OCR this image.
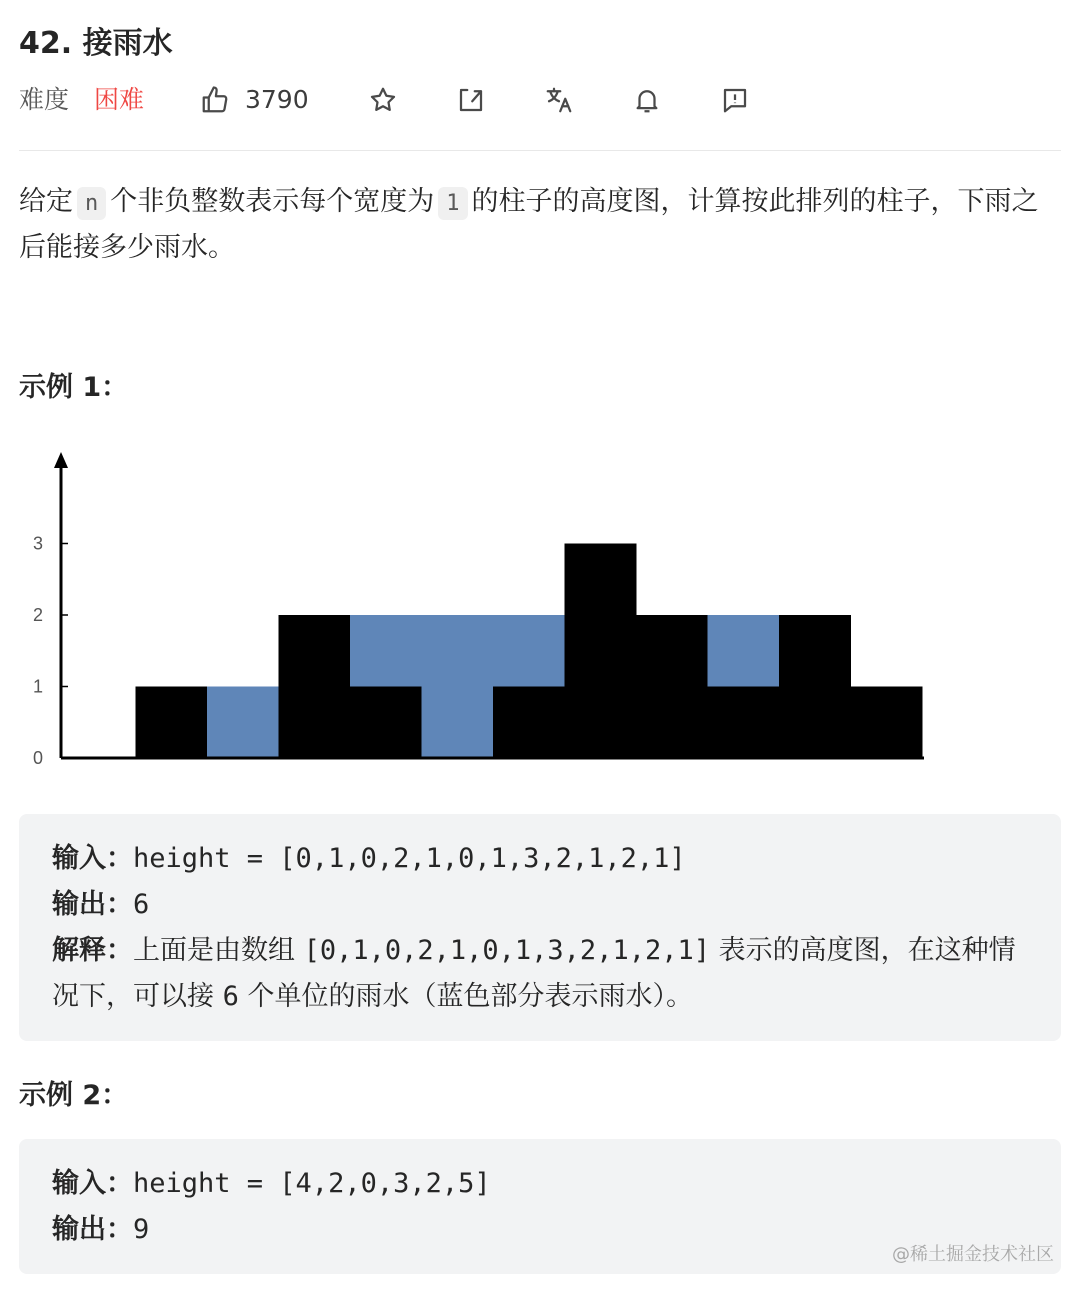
42. 接雨水
难度 困难	3790

给定 n 个非负整数表示每个宽度为 1 的柱子的高度图，计算按此排列的柱子，下雨之后能接多少雨水。

示例 1：
0
1
2
3
输入：height = [0,1,0,2,1,0,1,3,2,1,2,1]
输出：6
解释：上面是由数组 [0,1,0,2,1,0,1,3,2,1,2,1] 表示的高度图，在这种情况下，可以接 6 个单位的雨水（蓝色部分表示雨水）。
示例 2：
输入：height = [4,2,0,3,2,5]
输出：9
@稀土掘金技术社区
